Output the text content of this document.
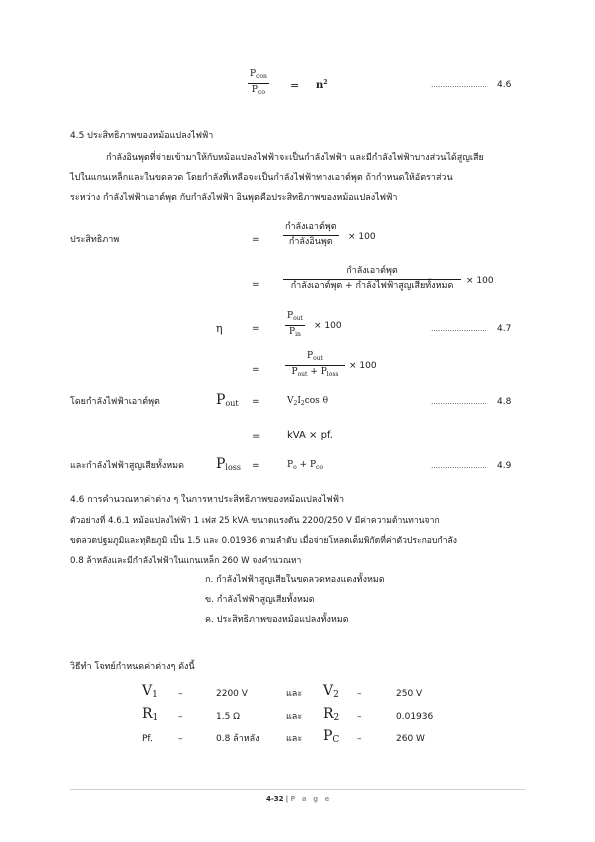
$P_{con}$
$P_{co}$
= $n^2$	…………………… 4.6
4.5 ประสิทธิภาพของหม้อแปลงไฟฟ้า
กำลังอินพุตที่จ่ายเข้ามาให้กับหม้อแปลงไฟฟ้าจะเป็นกำลังไฟฟ้า และมีกำลังไฟฟ้าบางส่วนได้สูญเสีย
ไปในแกนเหล็กและในขดลวด โดยกำลังที่เหลือจะเป็นกำลังไฟฟ้าทางเอาต์พุต ถ้ากำหนดให้อัตราส่วน
ระหว่าง กำลังไฟฟ้าเอาต์พุต กับกำลังไฟฟ้า อินพุตคือประสิทธิภาพของหม้อแปลงไฟฟ้า
ประสิทธิภาพ	=
กำลังเอาต์พุต
กำลังอินพุต × 100
=
กำลังเอาต์พุต
กำลังเอาต์พุต + กำลังไฟฟ้าสูญเสียทั้งหมด × 100
η	=
$P_{out}$
$P_{in}$
× 100	…………………… 4.7
=
$P_{out}$
$P_{out} + P_{loss}$
× 100
โดยกำลังไฟฟ้าเอาต์พุต	$P_{out}$ =	$V_2I_2\cos$ θ	…………………… 4.8
=	kVA × pf.
และกำลังไฟฟ้าสูญเสียทั้งหมด $P_{loss}$ =	$P_o + P_{co}$	…………………… 4.9
4.6 การคำนวณหาค่าต่าง ๆ ในการหาประสิทธิภาพของหม้อแปลงไฟฟ้า
ตัวอย่างที่ 4.6.1 หม้อแปลงไฟฟ้า 1 เฟส 25 kVA ขนาดแรงดัน 2200/250 V มีค่าความต้านทานจาก
ขดลวดปฐมภูมิและทุติยภูมิ เป็น 1.5 และ 0.01936 ตามลำดับ เมื่อจ่ายโหลดเต็มพิกัดที่ค่าตัวประกอบกำลัง
0.8 ล้าหลังและมีกำลังไฟฟ้าในแกนเหล็ก 260 W จงคำนวณหา
ก. กำลังไฟฟ้าสูญเสียในขดลวดทองแดงทั้งหมด
ข. กำลังไฟฟ้าสูญเสียทั้งหมด
ค. ประสิทธิภาพของหม้อแปลงทั้งหมด
วิธีทำ โจทย์กำหนดค่าต่างๆ ดังนี้
$V_1$ –	2200 V	และ $V_2$ –	250 V
$R_1$ –	1.5 Ω	และ $R_2$ –	0.01936
Pf.	–	0.8 ล้าหลัง	และ $P_C$ –	260 W
4-32 | P a g e
